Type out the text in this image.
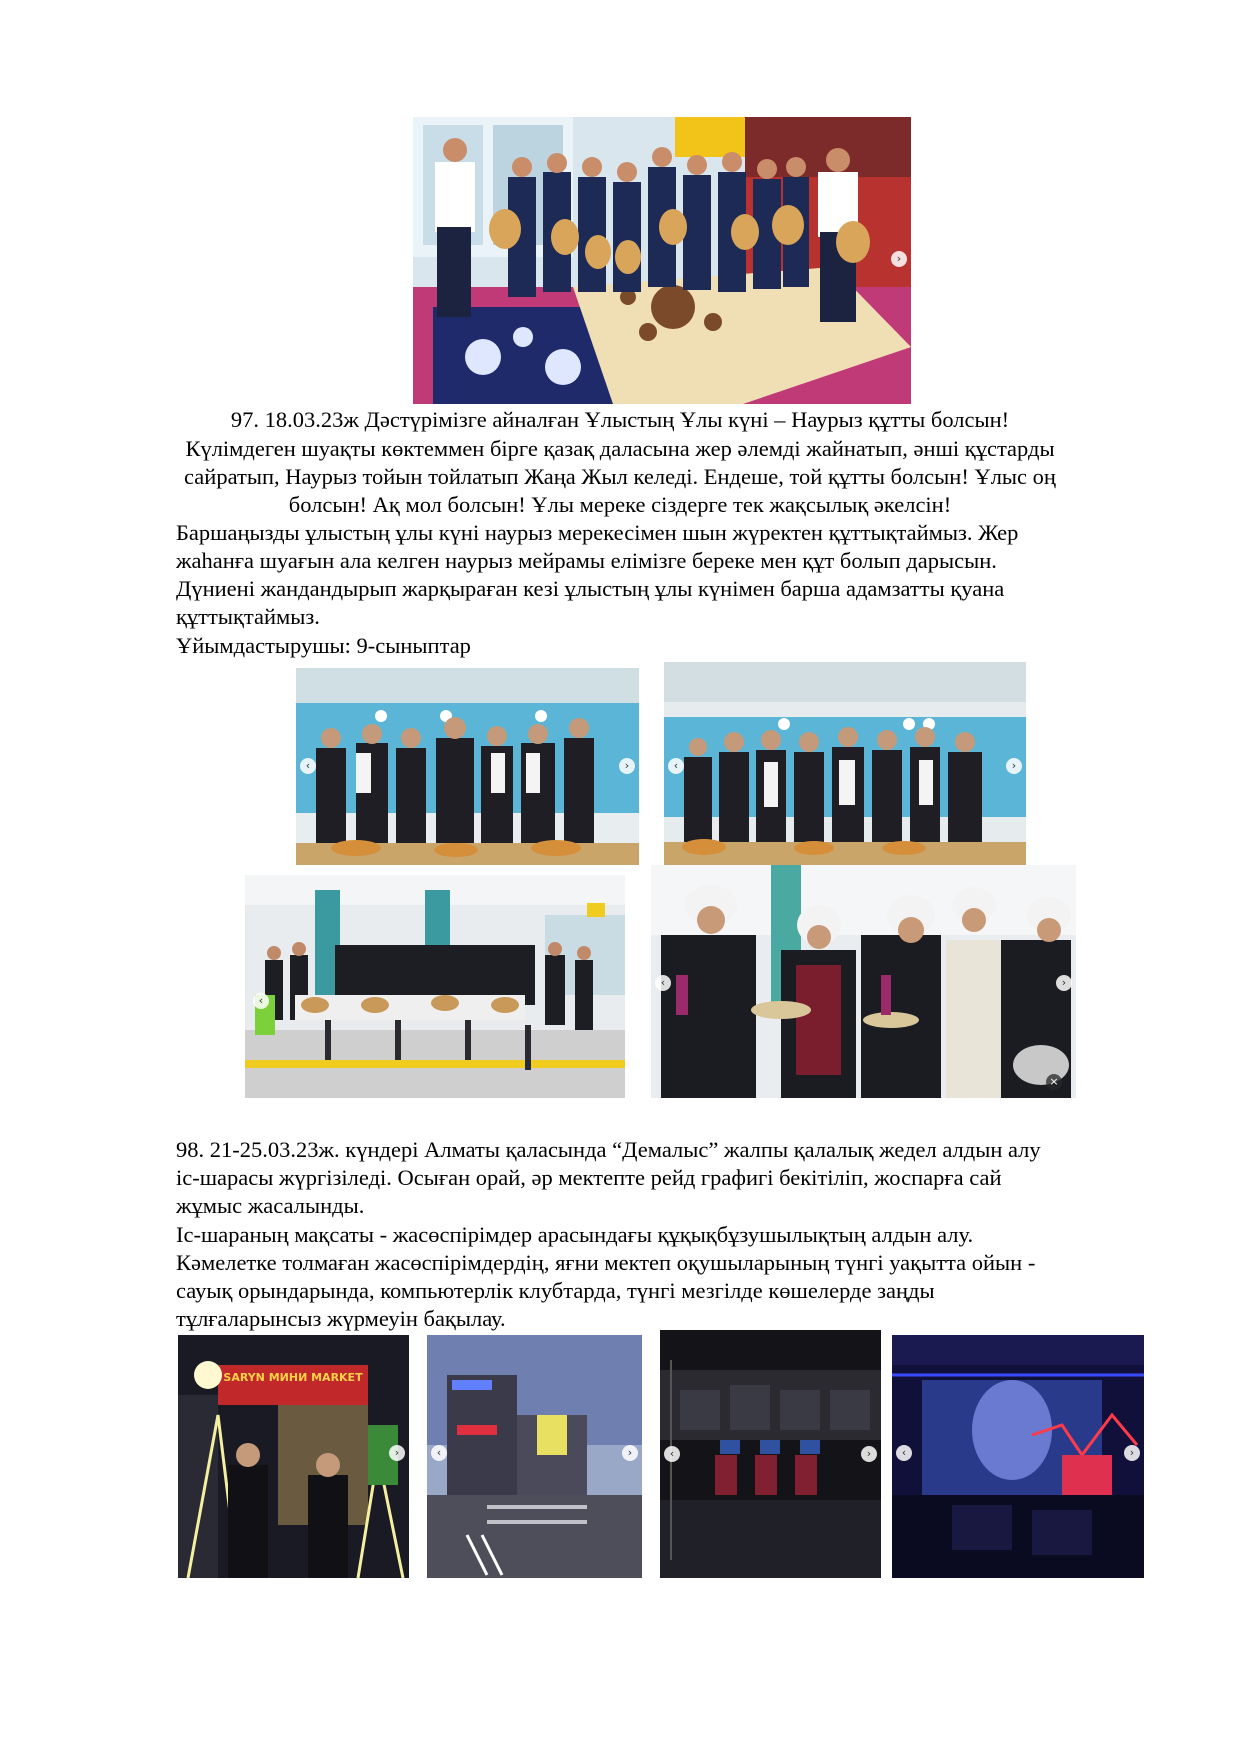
›
97. 18.03.23ж Дәстүрімізге айналған Ұлыстың Ұлы күні – Наурыз құтты болсын!
Күлімдеген шуақты көктеммен бірге қазақ даласына жер әлемді жайнатып, әнші құстарды
сайратып, Наурыз тойын тойлатып Жаңа Жыл келеді. Ендеше, той құтты болсын! Ұлыс оң
болсын! Ақ мол болсын! Ұлы мереке сіздерге тек жақсылық әкелсін!
Баршаңызды ұлыстың ұлы күні наурыз мерекесімен шын жүректен құттықтаймыз. Жер
жаһанға шуағын ала келген наурыз мейрамы елімізге береке мен құт болып дарысын.
Дүниені жандандырып жарқыраған кезі ұлыстың ұлы күнімен барша адамзатты қуана
құттықтаймыз.
Ұйымдастырушы: 9-сыныптар
‹	›	‹	›
‹
‹	›
×
98. 21-25.03.23ж. күндері Алматы қаласында “Демалыс” жалпы қалалық жедел алдын алу
іс-шарасы жүргізіледі. Осыған орай, әр мектепте рейд графигі бекітіліп, жоспарға сай
жұмыс жасалынды.
Іс-шараның мақсаты - жасөспірімдер арасындағы құқықбұзушылықтың алдын алу.
Кәмелетке толмаған жасөспірімдердің, яғни мектеп оқушыларының түнгі уақытта ойын -
сауық орындарында, компьютерлік клубтарда, түнгі мезгілде көшелерде заңды
тұлғаларынсыз жүрмеуін бақылау.
SARYN МИНИ MARKET
›	‹	›	‹	›	‹	›
